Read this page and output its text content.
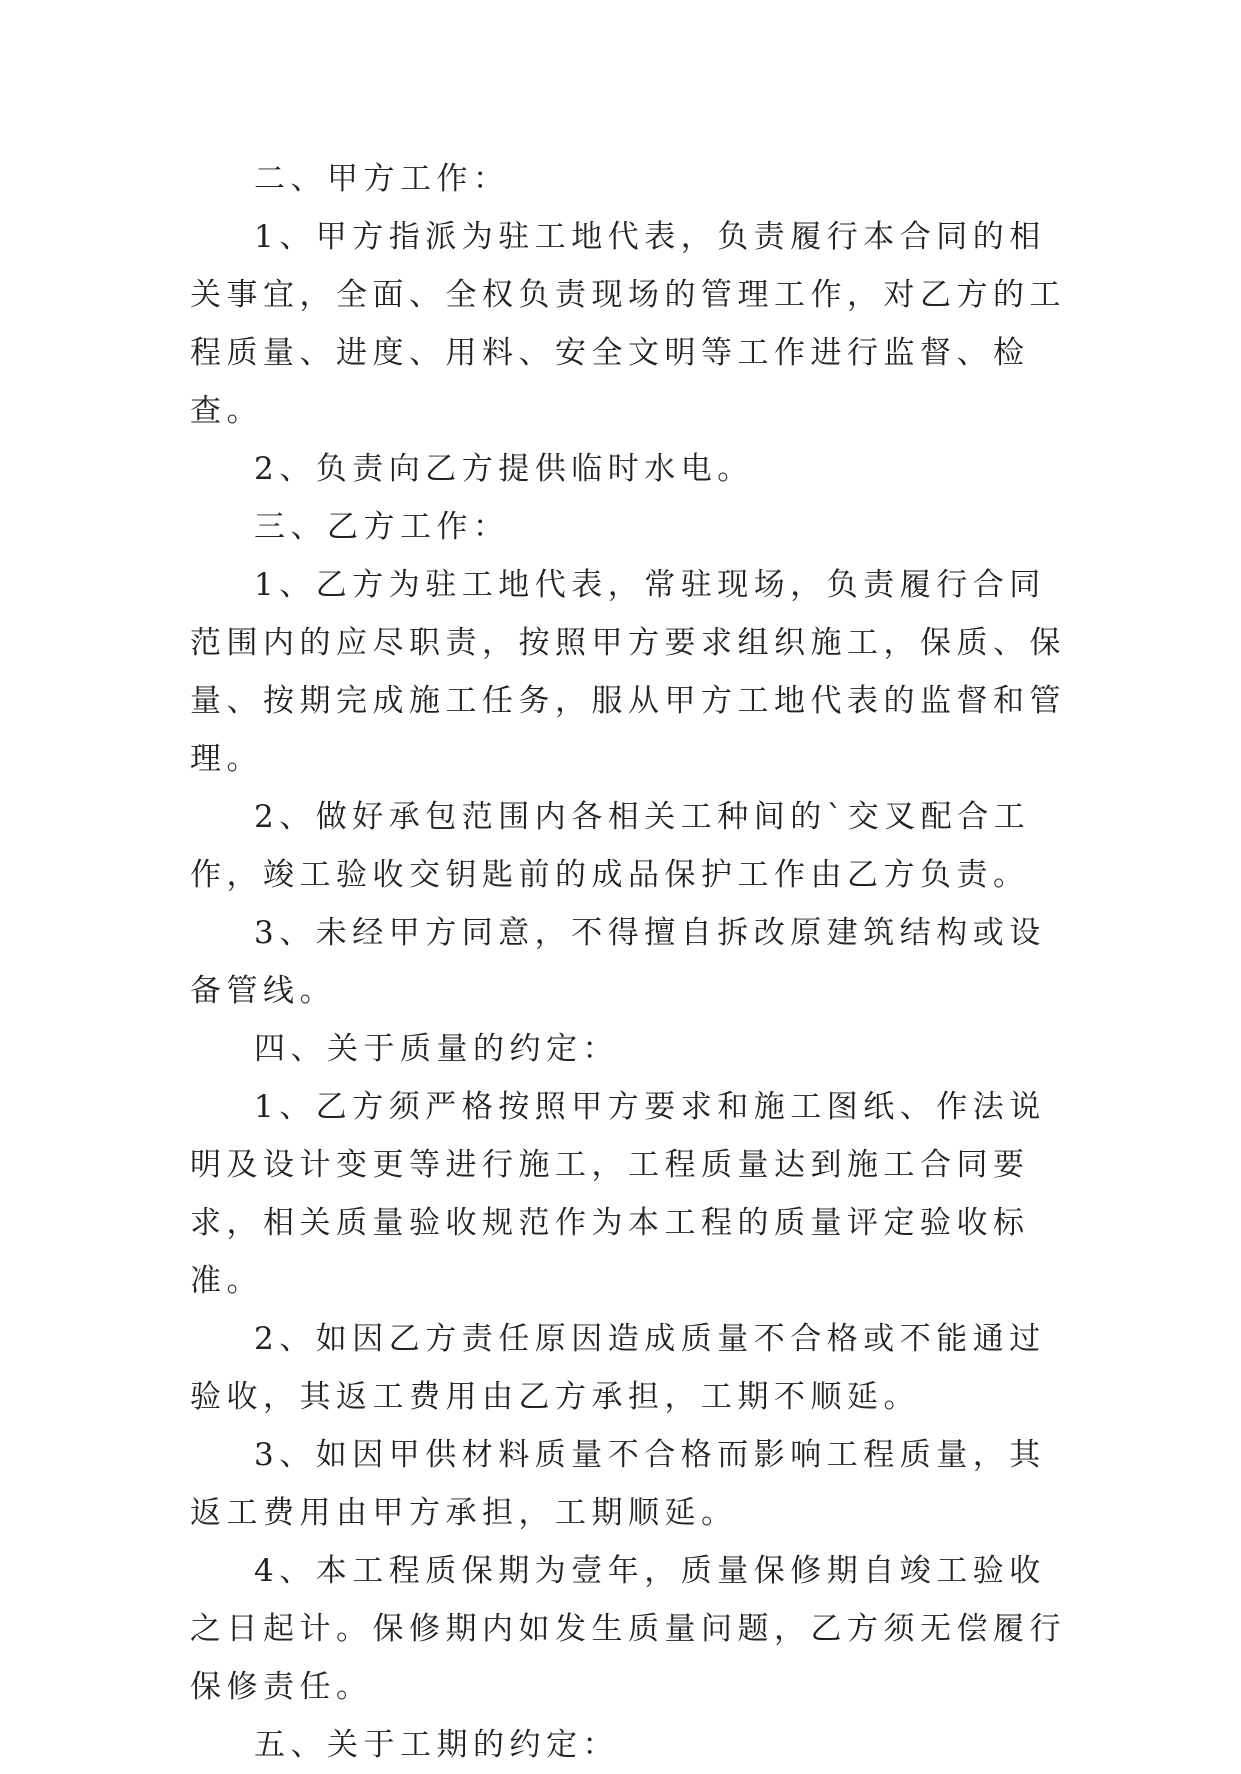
二、甲方工作：

1、甲方指派为驻工地代表，负责履行本合同的相关事宜，全面、全权负责现场的管理工作，对乙方的工程质量、进度、用料、安全文明等工作进行监督、检查。

2、负责向乙方提供临时水电。

三、乙方工作：

1、乙方为驻工地代表，常驻现场，负责履行合同范围内的应尽职责，按照甲方要求组织施工，保质、保量、按期完成施工任务，服从甲方工地代表的监督和管理。

2、做好承包范围内各相关工种间的`交叉配合工作，竣工验收交钥匙前的成品保护工作由乙方负责。

3、未经甲方同意，不得擅自拆改原建筑结构或设备管线。

四、关于质量的约定：

1、乙方须严格按照甲方要求和施工图纸、作法说明及设计变更等进行施工，工程质量达到施工合同要求，相关质量验收规范作为本工程的质量评定验收标准。

2、如因乙方责任原因造成质量不合格或不能通过验收，其返工费用由乙方承担，工期不顺延。

3、如因甲供材料质量不合格而影响工程质量，其返工费用由甲方承担，工期顺延。

4、本工程质保期为壹年，质量保修期自竣工验收之日起计。保修期内如发生质量问题，乙方须无偿履行保修责任。

五、关于工期的约定：
